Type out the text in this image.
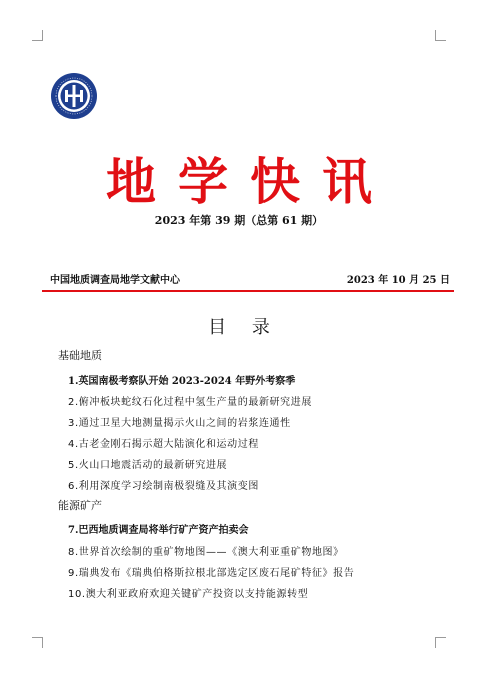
地学快讯
2023 年第 39 期（总第 61 期）
中国地质调查局地学文献中心	2023 年 10 月 25 日
目 录
基础地质
1.英国南极考察队开始 2023-2024 年野外考察季
2.俯冲板块蛇纹石化过程中氢生产量的最新研究进展
3.通过卫星大地测量揭示火山之间的岩浆连通性
4.古老金刚石揭示超大陆演化和运动过程
5.火山口地震活动的最新研究进展
6.利用深度学习绘制南极裂缝及其演变图
能源矿产
7.巴西地质调查局将举行矿产资产拍卖会
8.世界首次绘制的重矿物地图——《澳大利亚重矿物地图》
9.瑞典发布《瑞典伯格斯拉根北部选定区废石尾矿特征》报告
10.澳大利亚政府欢迎关键矿产投资以支持能源转型
